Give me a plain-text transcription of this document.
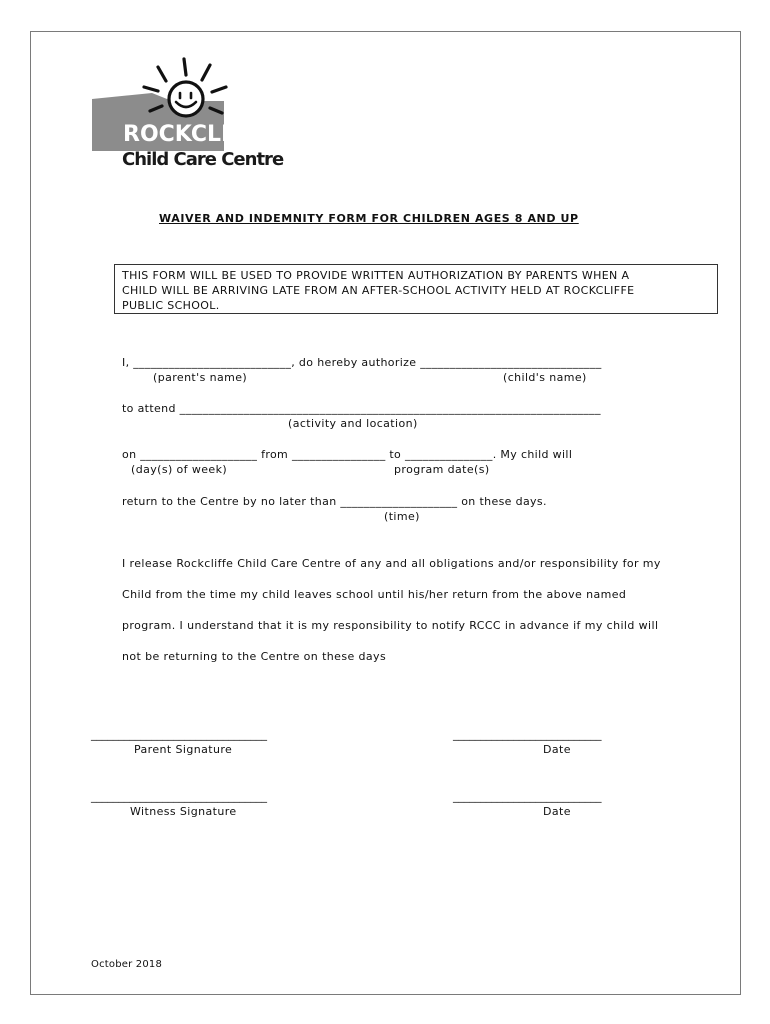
ROCKCLIFFE
Child Care Centre
WAIVER AND INDEMNITY FORM FOR CHILDREN AGES 8 AND UP
THIS FORM WILL BE USED TO PROVIDE WRITTEN AUTHORIZATION BY PARENTS WHEN A
CHILD WILL BE ARRIVING LATE FROM AN AFTER-SCHOOL ACTIVITY HELD AT ROCKCLIFFE
PUBLIC SCHOOL.
I, ___________________________, do hereby authorize _______________________________
(parent's name)	(child's name)
to attend ________________________________________________________________________
(activity and location)
on ____________________ from ________________ to _______________. My child will
(day(s) of week)	program date(s)
return to the Centre by no later than ____________________ on these days.
(time)
I release Rockcliffe Child Care Centre of any and all obligations and/or responsibility for my
Child from the time my child leaves school until his/her return from the above named
program. I understand that it is my responsibility to notify RCCC in advance if my child will
not be returning to the Centre on these days
________________________________	___________________________
Parent Signature	Date
________________________________	___________________________
Witness Signature	Date
October 2018
